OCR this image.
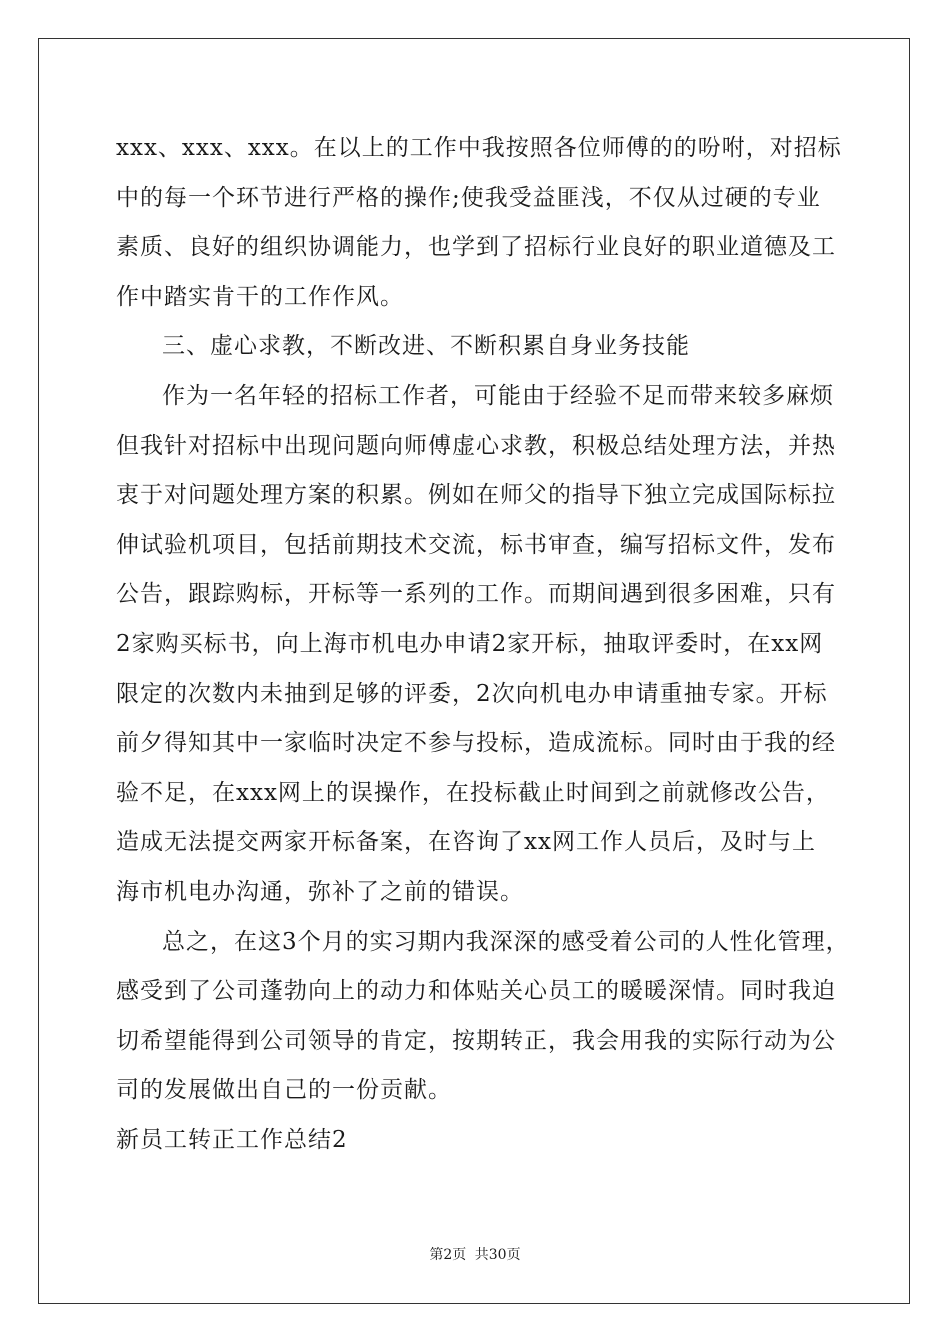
xxx、xxx、xxx。在以上的工作中我按照各位师傅的的吩咐，对招标
中的每一个环节进行严格的操作;使我受益匪浅，不仅从过硬的专业
素质、良好的组织协调能力，也学到了招标行业良好的职业道德及工
作中踏实肯干的工作作风。
三、虚心求教，不断改进、不断积累自身业务技能
作为一名年轻的招标工作者，可能由于经验不足而带来较多麻烦
但我针对招标中出现问题向师傅虚心求教，积极总结处理方法，并热
衷于对问题处理方案的积累。例如在师父的指导下独立完成国际标拉
伸试验机项目，包括前期技术交流，标书审查，编写招标文件，发布
公告，跟踪购标，开标等一系列的工作。而期间遇到很多困难，只有
2家购买标书，向上海市机电办申请2家开标，抽取评委时，在xx网
限定的次数内未抽到足够的评委，2次向机电办申请重抽专家。开标
前夕得知其中一家临时决定不参与投标，造成流标。同时由于我的经
验不足，在xxx网上的误操作，在投标截止时间到之前就修改公告，
造成无法提交两家开标备案，在咨询了xx网工作人员后，及时与上
海市机电办沟通，弥补了之前的错误。
总之，在这3个月的实习期内我深深的感受着公司的人性化管理，
感受到了公司蓬勃向上的动力和体贴关心员工的暖暖深情。同时我迫
切希望能得到公司领导的肯定，按期转正，我会用我的实际行动为公
司的发展做出自己的一份贡献。
新员工转正工作总结2
第2页 共30页
